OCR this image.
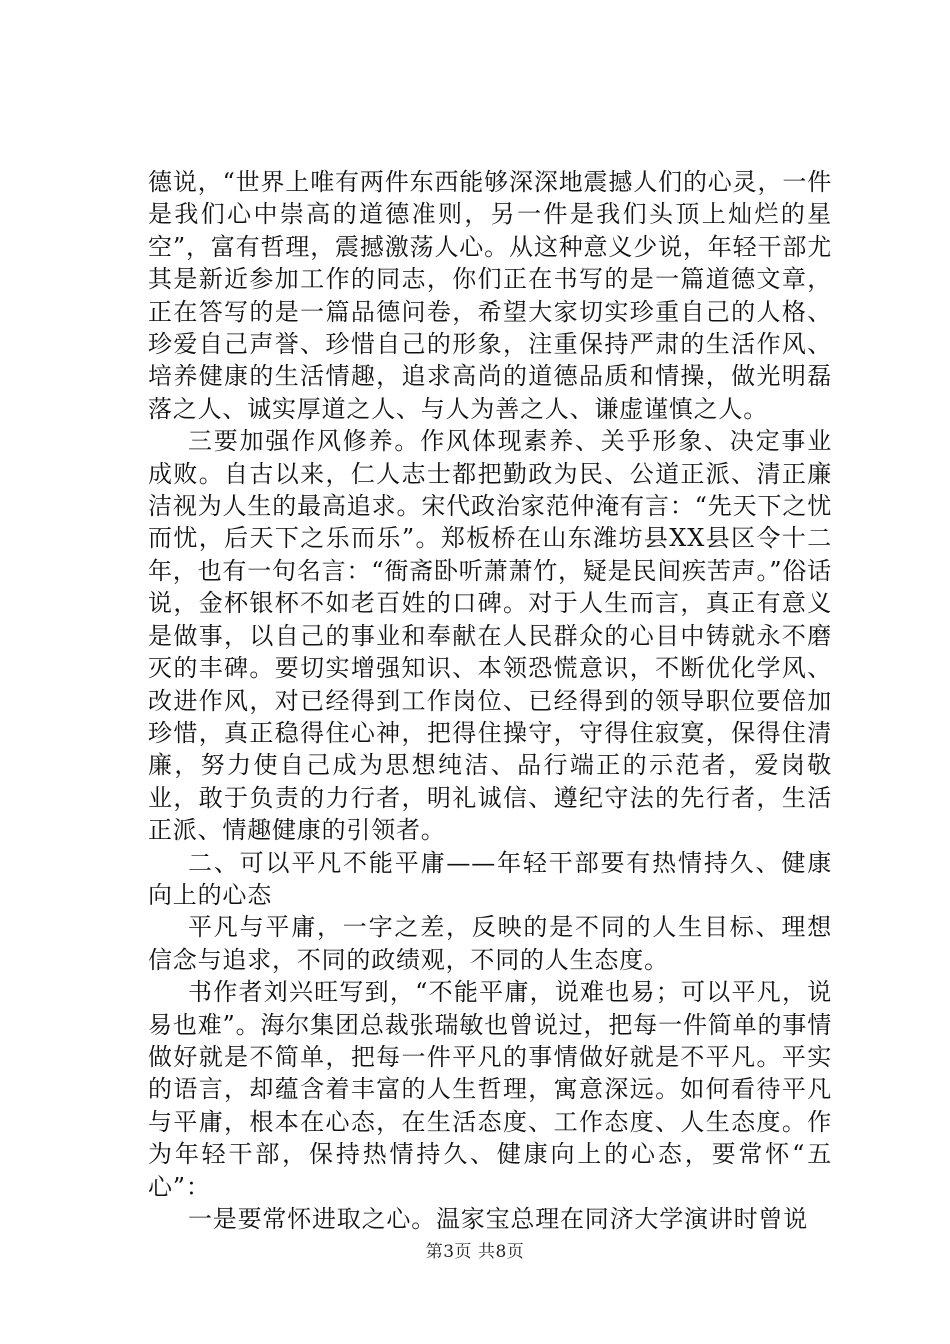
德说，“世界上唯有两件东西能够深深地震撼人们的心灵，一件是我们心中崇高的道德准则，另一件是我们头顶上灿烂的星空”，富有哲理，震撼激荡人心。从这种意义少说，年轻干部尤其是新近参加工作的同志，你们正在书写的是一篇道德文章，正在答写的是一篇品德问卷，希望大家切实珍重自己的人格、珍爱自己声誉、珍惜自己的形象，注重保持严肃的生活作风、培养健康的生活情趣，追求高尚的道德品质和情操，做光明磊落之人、诚实厚道之人、与人为善之人、谦虚谨慎之人。

三要加强作风修养。作风体现素养、关乎形象、决定事业成败。自古以来，仁人志士都把勤政为民、公道正派、清正廉洁视为人生的最高追求。宋代政治家范仲淹有言：“先天下之忧而忧，后天下之乐而乐”。郑板桥在山东潍坊县XX县区令十二年，也有一句名言：“衙斋卧听萧萧竹，疑是民间疾苦声。”俗话说，金杯银杯不如老百姓的口碑。对于人生而言，真正有意义是做事，以自己的事业和奉献在人民群众的心目中铸就永不磨灭的丰碑。要切实增强知识、本领恐慌意识，不断优化学风、改进作风，对已经得到工作岗位、已经得到的领导职位要倍加珍惜，真正稳得住心神，把得住操守，守得住寂寞，保得住清廉，努力使自己成为思想纯洁、品行端正的示范者，爱岗敬业，敢于负责的力行者，明礼诚信、遵纪守法的先行者，生活正派、情趣健康的引领者。

二、可以平凡不能平庸——年轻干部要有热情持久、健康向上的心态

平凡与平庸，一字之差，反映的是不同的人生目标、理想信念与追求，不同的政绩观，不同的人生态度。

书作者刘兴旺写到，“不能平庸，说难也易；可以平凡，说易也难”。海尔集团总裁张瑞敏也曾说过，把每一件简单的事情做好就是不简单，把每一件平凡的事情做好就是不平凡。平实的语言，却蕴含着丰富的人生哲理，寓意深远。如何看待平凡与平庸，根本在心态，在生活态度、工作态度、人生态度。作为年轻干部，保持热情持久、健康向上的心态，要常怀“五心”：

一是要常怀进取之心。温家宝总理在同济大学演讲时曾说

第3页 共8页
